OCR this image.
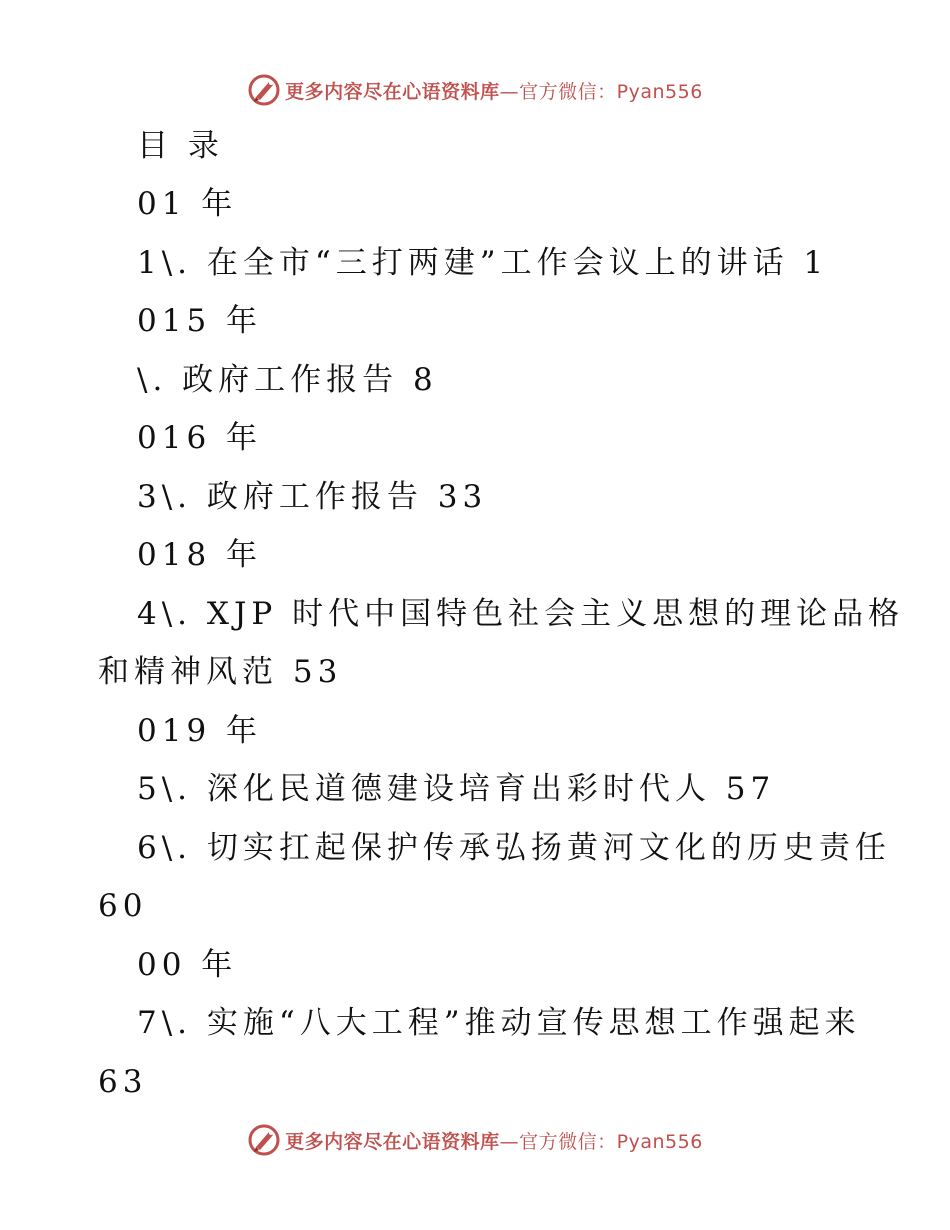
更多内容尽在心语资料库—官方微信：Pyan556
目 录
01 年
1\. 在全市“三打两建”工作会议上的讲话 1
015 年
\. 政府工作报告 8
016 年
3\. 政府工作报告 33
018 年
4\. XJP 时代中国特色社会主义思想的理论品格
和精神风范 53
019 年
5\. 深化民道德建设培育出彩时代人 57
6\. 切实扛起保护传承弘扬黄河文化的历史责任
60
00 年
7\. 实施“八大工程”推动宣传思想工作强起来
63
更多内容尽在心语资料库—官方微信：Pyan556
